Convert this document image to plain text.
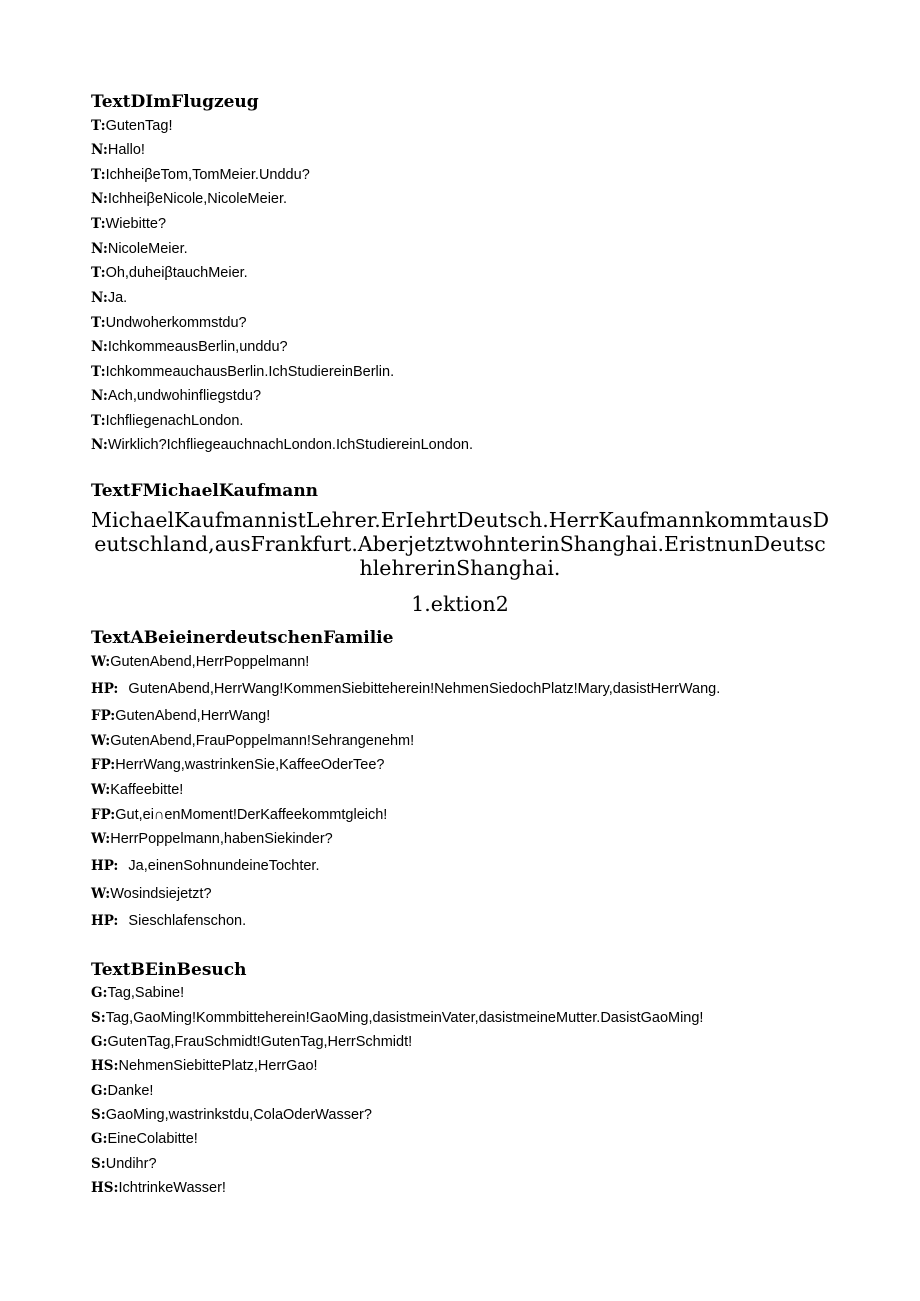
TextDImFlugzeug

T:GutenTag!

N:Hallo!

T:IchheiβeTom,TomMeier.Unddu?

N:IchheiβeNicole,NicoleMeier.

T:Wiebitte?

N:NicoleMeier.

T:Oh,duheiβtauchMeier.

N:Ja.

T:Undwoherkommstdu?

N:IchkommeausBerlin,unddu?

T:IchkommeauchausBerlin.IchStudiereinBerlin.

N:Ach,undwohinfliegstdu?

T:IchfliegenachLondon.

N:Wirklich?IchfliegeauchnachLondon.IchStudiereinLondon.

TextFMichaelKaufmann

MichaelKaufmannistLehrer.ErIehrtDeutsch.HerrKaufmannkommtausDeutschland,ausFrankfurt.AberjetztwohnterinShanghai.EristnunDeutschlehrerinShanghai.

1.ektion2

TextABeieinerdeutschenFamilie

W:GutenAbend,HerrPoppelmann!

HP: GutenAbend,HerrWang!KommenSiebitteherein!NehmenSiedochPlatz!Mary,dasistHerrWang.

FP:GutenAbend,HerrWang!

W:GutenAbend,FrauPoppelmann!Sehrangenehm!

FP:HerrWang,wastrinkenSie,KaffeeOderTee?

W:Kaffeebitte!

FP:Gut,ei∩enMoment!DerKaffeekommtgleich!

W:HerrPoppelmann,habenSiekinder?

HP: Ja,einenSohnundeineTochter.

W:Wosindsiejetzt?

HP: Sieschlafenschon.

TextBEinBesuch

G:Tag,Sabine!

S:Tag,GaoMing!Kommbitteherein!GaoMing,dasistmeinVater,dasistmeineMutter.DasistGaoMing!

G:GutenTag,FrauSchmidt!GutenTag,HerrSchmidt!

HS:NehmenSiebittePlatz,HerrGao!

G:Danke!

S:GaoMing,wastrinkstdu,ColaOderWasser?

G:EineColabitte!

S:Undihr?

HS:IchtrinkeWasser!
